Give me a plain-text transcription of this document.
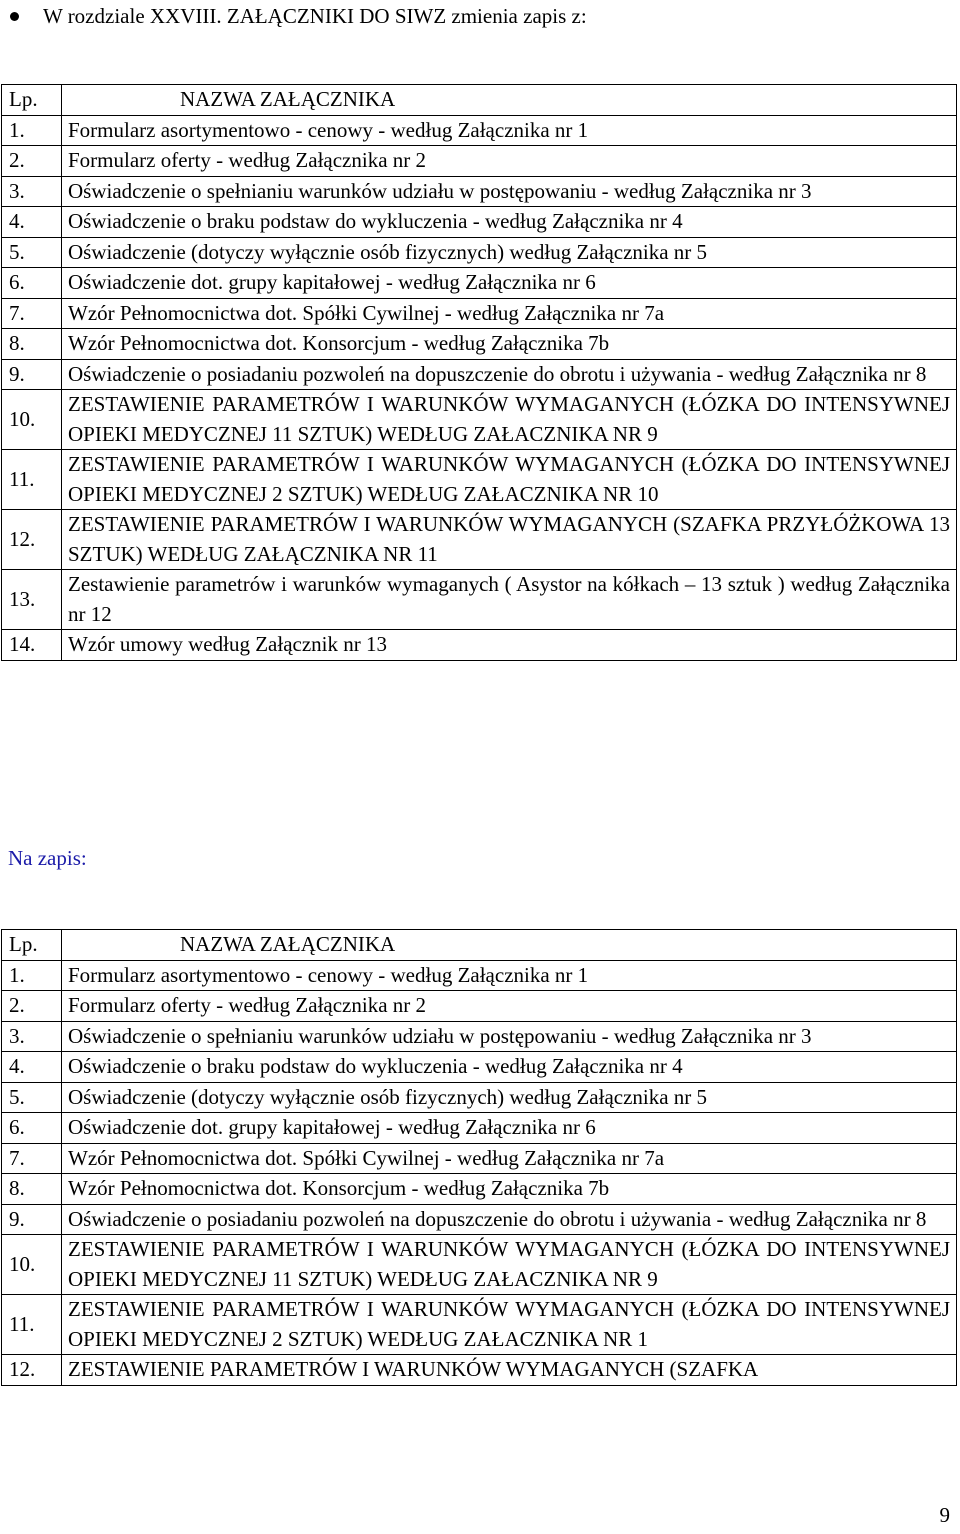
W rozdziale XXVIII. ZAŁĄCZNIKI DO SIWZ zmienia zapis z:
Lp.	NAZWA ZAŁĄCZNIKA
1.	Formularz asortymentowo - cenowy - według Załącznika nr 1
2.	Formularz oferty - według Załącznika nr 2
3.	Oświadczenie o spełnianiu warunków udziału w postępowaniu - według Załącznika nr 3
4.	Oświadczenie o braku podstaw do wykluczenia - według Załącznika nr 4
5.	Oświadczenie (dotyczy wyłącznie osób fizycznych) według Załącznika nr 5
6.	Oświadczenie dot. grupy kapitałowej - według Załącznika nr 6
7.	Wzór Pełnomocnictwa dot. Spółki Cywilnej - według Załącznika nr 7a
8.	Wzór Pełnomocnictwa dot. Konsorcjum - według Załącznika 7b
9.	Oświadczenie o posiadaniu pozwoleń na dopuszczenie do obrotu i używania - według Załącznika nr 8
10.	ZESTAWIENIE PARAMETRÓW I WARUNKÓW WYMAGANYCH (ŁÓZKA DO INTENSYWNEJ OPIEKI MEDYCZNEJ 11 SZTUK) WEDŁUG ZAŁACZNIKA NR 9
11.	ZESTAWIENIE PARAMETRÓW I WARUNKÓW WYMAGANYCH (ŁÓZKA DO INTENSYWNEJ OPIEKI MEDYCZNEJ 2 SZTUK) WEDŁUG ZAŁACZNIKA NR 10
12.	ZESTAWIENIE PARAMETRÓW I WARUNKÓW WYMAGANYCH (SZAFKA PRZYŁÓŻKOWA 13 SZTUK) WEDŁUG ZAŁĄCZNIKA NR 11
13.	Zestawienie parametrów i warunków wymaganych ( Asystor na kółkach – 13 sztuk ) według Załącznika nr 12
14.	Wzór umowy według Załącznik nr 13
Na zapis:
Lp.	NAZWA ZAŁĄCZNIKA
1.	Formularz asortymentowo - cenowy - według Załącznika nr 1
2.	Formularz oferty - według Załącznika nr 2
3.	Oświadczenie o spełnianiu warunków udziału w postępowaniu - według Załącznika nr 3
4.	Oświadczenie o braku podstaw do wykluczenia - według Załącznika nr 4
5.	Oświadczenie (dotyczy wyłącznie osób fizycznych) według Załącznika nr 5
6.	Oświadczenie dot. grupy kapitałowej - według Załącznika nr 6
7.	Wzór Pełnomocnictwa dot. Spółki Cywilnej - według Załącznika nr 7a
8.	Wzór Pełnomocnictwa dot. Konsorcjum - według Załącznika 7b
9.	Oświadczenie o posiadaniu pozwoleń na dopuszczenie do obrotu i używania - według Załącznika nr 8
10.	ZESTAWIENIE PARAMETRÓW I WARUNKÓW WYMAGANYCH (ŁÓZKA DO INTENSYWNEJ OPIEKI MEDYCZNEJ 11 SZTUK) WEDŁUG ZAŁACZNIKA NR 9
11.	ZESTAWIENIE PARAMETRÓW I WARUNKÓW WYMAGANYCH (ŁÓZKA DO INTENSYWNEJ OPIEKI MEDYCZNEJ 2 SZTUK) WEDŁUG ZAŁACZNIKA NR 1
12.	ZESTAWIENIE PARAMETRÓW I WARUNKÓW WYMAGANYCH (SZAFKA
9
